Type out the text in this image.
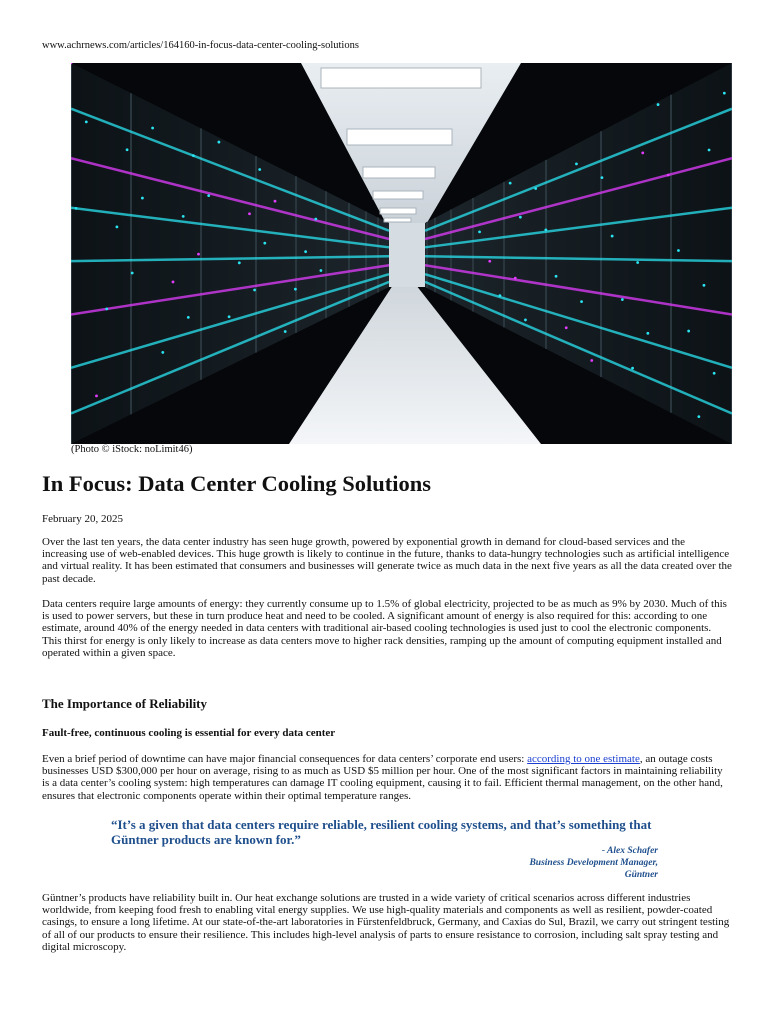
www.achrnews.com/articles/164160-in-focus-data-center-cooling-solutions
(Photo © iStock: noLimit46)
In Focus: Data Center Cooling Solutions
February 20, 2025

Over the last ten years, the data center industry has seen huge growth, powered by exponential growth in demand for cloud-based services and the increasing use of web-enabled devices. This huge growth is likely to continue in the future, thanks to data-hungry technologies such as artificial intelligence and virtual reality. It has been estimated that consumers and businesses will generate twice as much data in the next five years as all the data created over the past decade.

Data centers require large amounts of energy: they currently consume up to 1.5% of global electricity, projected to be as much as 9% by 2030. Much of this is used to power servers, but these in turn produce heat and need to be cooled. A significant amount of energy is also required for this: according to one estimate, around 40% of the energy needed in data centers with traditional air-based cooling technologies is used just to cool the electronic components. This thirst for energy is only likely to increase as data centers move to higher rack densities, ramping up the amount of computing equipment installed and operated within a given space.

The Importance of Reliability
Fault-free, continuous cooling is essential for every data center

Even a brief period of downtime can have major financial consequences for data centers’ corporate end users: according to one estimate, an outage costs businesses USD $300,000 per hour on average, rising to as much as USD $5 million per hour. One of the most significant factors in maintaining reliability is a data center’s cooling system: high temperatures can damage IT cooling equipment, causing it to fail. Efficient thermal management, on the other hand, ensures that electronic components operate within their optimal temperature ranges.

“It’s a given that data centers require reliable, resilient cooling systems, and that’s something that Güntner products are known for.”

- Alex Schafer
Business Development Manager,
Güntner

Güntner’s products have reliability built in. Our heat exchange solutions are trusted in a wide variety of critical scenarios across different industries worldwide, from keeping food fresh to enabling vital energy supplies. We use high-quality materials and components as well as resilient, powder-coated casings, to ensure a long lifetime. At our state-of-the-art laboratories in Fürstenfeldbruck, Germany, and Caxias do Sul, Brazil, we carry out stringent testing of all of our products to ensure their resilience. This includes high-level analysis of parts to ensure resistance to corrosion, including salt spray testing and digital microscopy.
